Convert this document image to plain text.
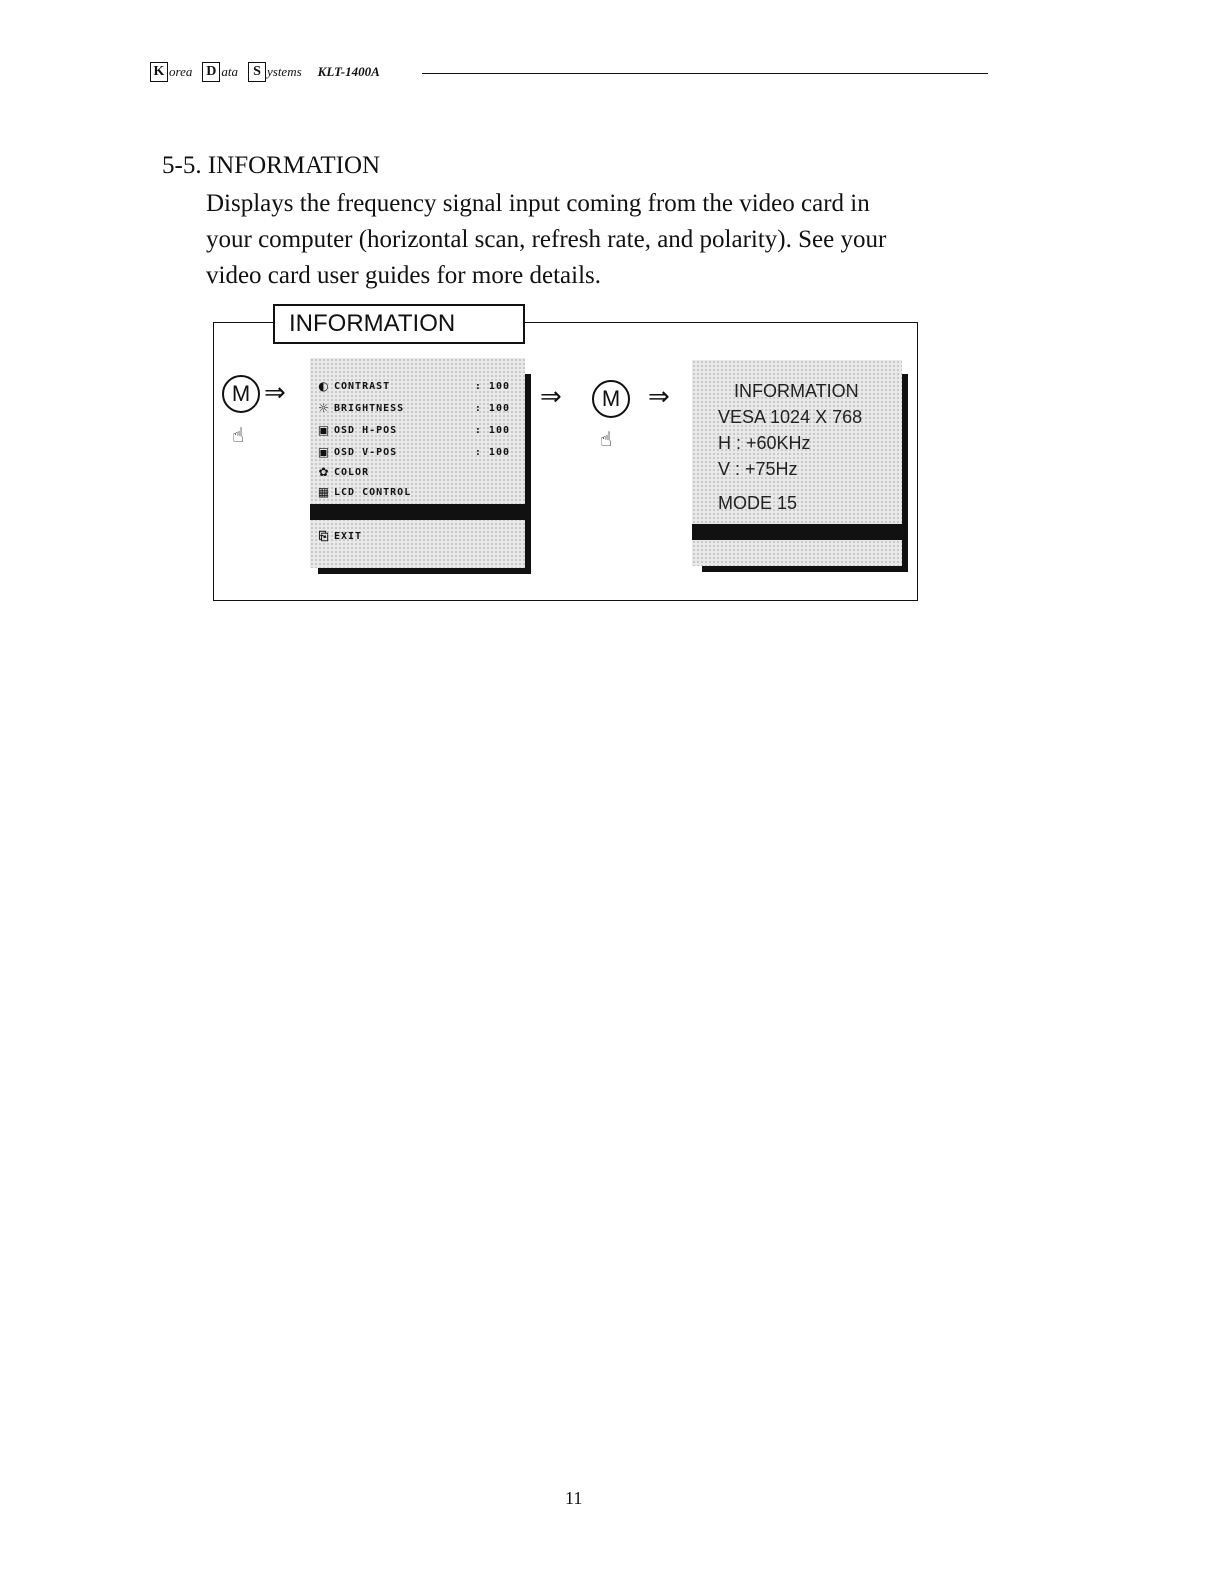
K orea D ata	S ystems KLT-1400A
5-5. INFORMATION
Displays the frequency signal input coming from the video card in
your computer (horizontal scan, refresh rate, and polarity). See your
video card user guides for more details.
INFORMATION
M ⇒
☝
◐ CONTRAST	: 100
☼ BRIGHTNESS	: 100
▣ OSD H-POS	: 100
▣ OSD V-POS	: 100
✿ COLOR
▦ LCD CONTROL
⎘ EXIT
⇒	M
☝
⇒	INFORMATION
VESA 1024 X 768
H : +60KHz
V : +75Hz
MODE 15
11
